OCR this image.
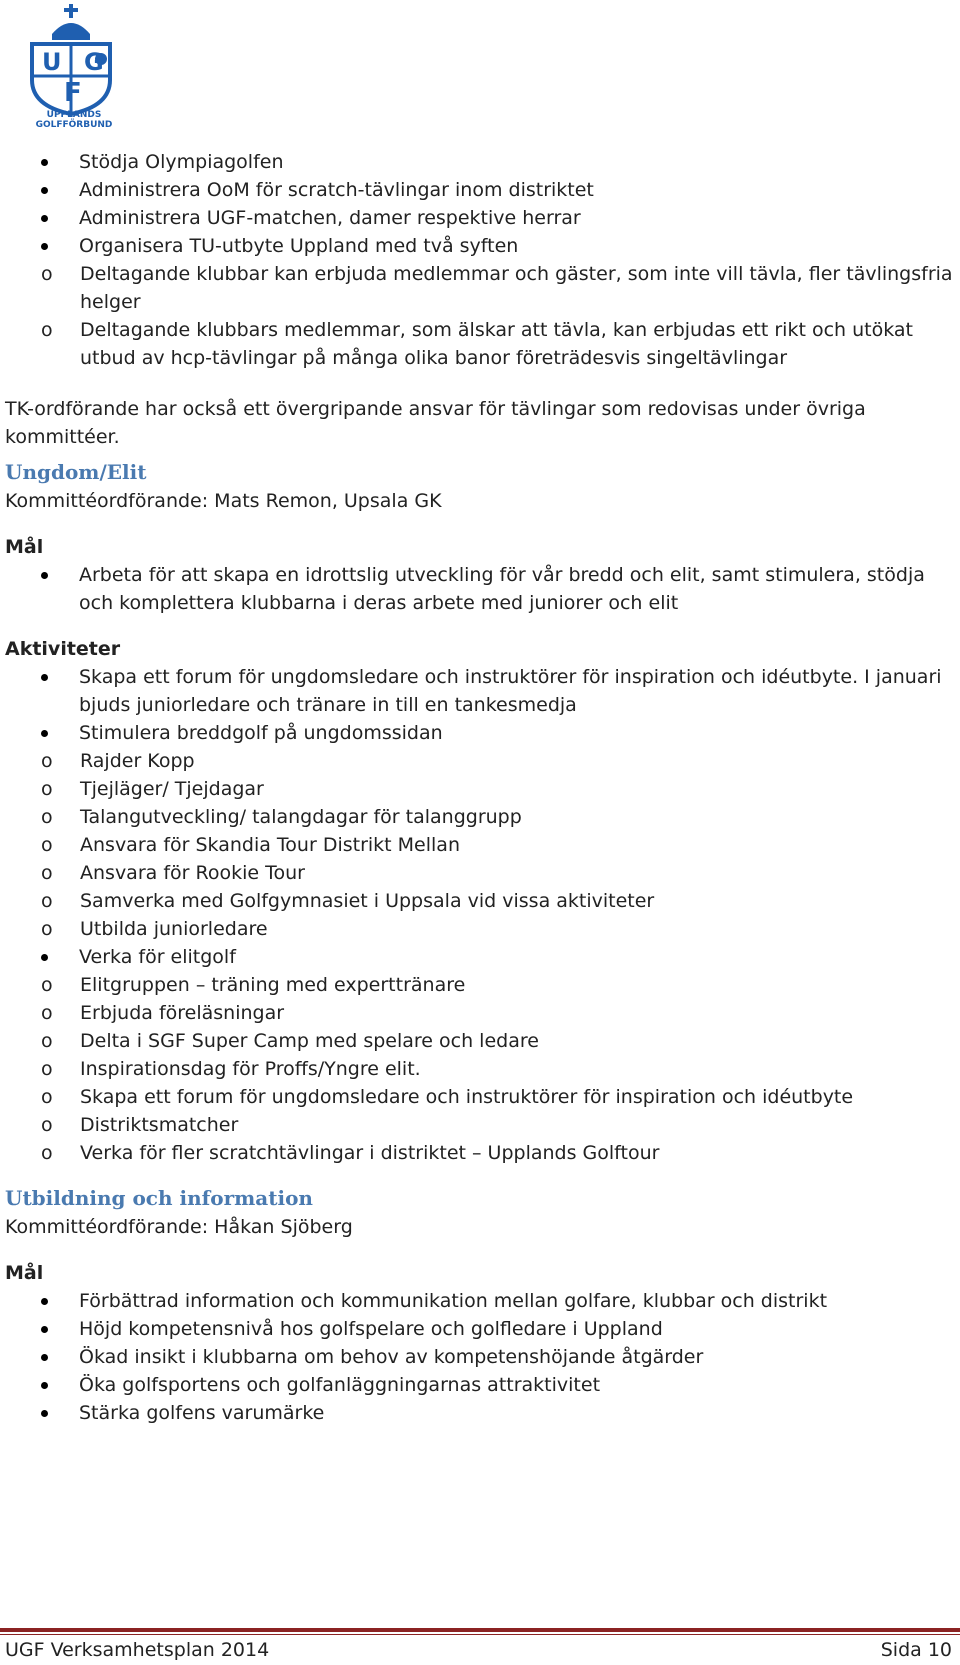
U G
F
UPPLANDS GOLFFÖRBUND
Stödja Olympiagolfen
Administrera OoM för scratch-tävlingar inom distriktet
Administrera UGF-matchen, damer respektive herrar
Organisera TU-utbyte Uppland med två syften
o Deltagande klubbar kan erbjuda medlemmar och gäster, som inte vill tävla, fler tävlingsfria helger
o Deltagande klubbars medlemmar, som älskar att tävla, kan erbjudas ett rikt och utökat utbud av hcp-tävlingar på många olika banor företrädesvis singeltävlingar
TK-ordförande har också ett övergripande ansvar för tävlingar som redovisas under övriga kommittéer.
Ungdom/Elit
Kommittéordförande: Mats Remon, Upsala GK
Mål
Arbeta för att skapa en idrottslig utveckling för vår bredd och elit, samt stimulera, stödja och komplettera klubbarna i deras arbete med juniorer och elit
Aktiviteter
Skapa ett forum för ungdomsledare och instruktörer för inspiration och idéutbyte. I januari bjuds juniorledare och tränare in till en tankesmedja
Stimulera breddgolf på ungdomssidan
o Rajder Kopp
o Tjejläger/ Tjejdagar
o Talangutveckling/ talangdagar för talanggrupp
o Ansvara för Skandia Tour Distrikt Mellan
o Ansvara för Rookie Tour
o Samverka med Golfgymnasiet i Uppsala vid vissa aktiviteter
o Utbilda juniorledare
Verka för elitgolf
o Elitgruppen – träning med experttränare
o Erbjuda föreläsningar
o Delta i SGF Super Camp med spelare och ledare
o Inspirationsdag för Proffs/Yngre elit.
o Skapa ett forum för ungdomsledare och instruktörer för inspiration och idéutbyte
o Distriktsmatcher
o Verka för fler scratchtävlingar i distriktet – Upplands Golftour
Utbildning och information
Kommittéordförande: Håkan Sjöberg
Mål
Förbättrad information och kommunikation mellan golfare, klubbar och distrikt
Höjd kompetensnivå hos golfspelare och golfledare i Uppland
Ökad insikt i klubbarna om behov av kompetenshöjande åtgärder
Öka golfsportens och golfanläggningarnas attraktivitet
Stärka golfens varumärke
UGF Verksamhetsplan 2014	Sida 10
